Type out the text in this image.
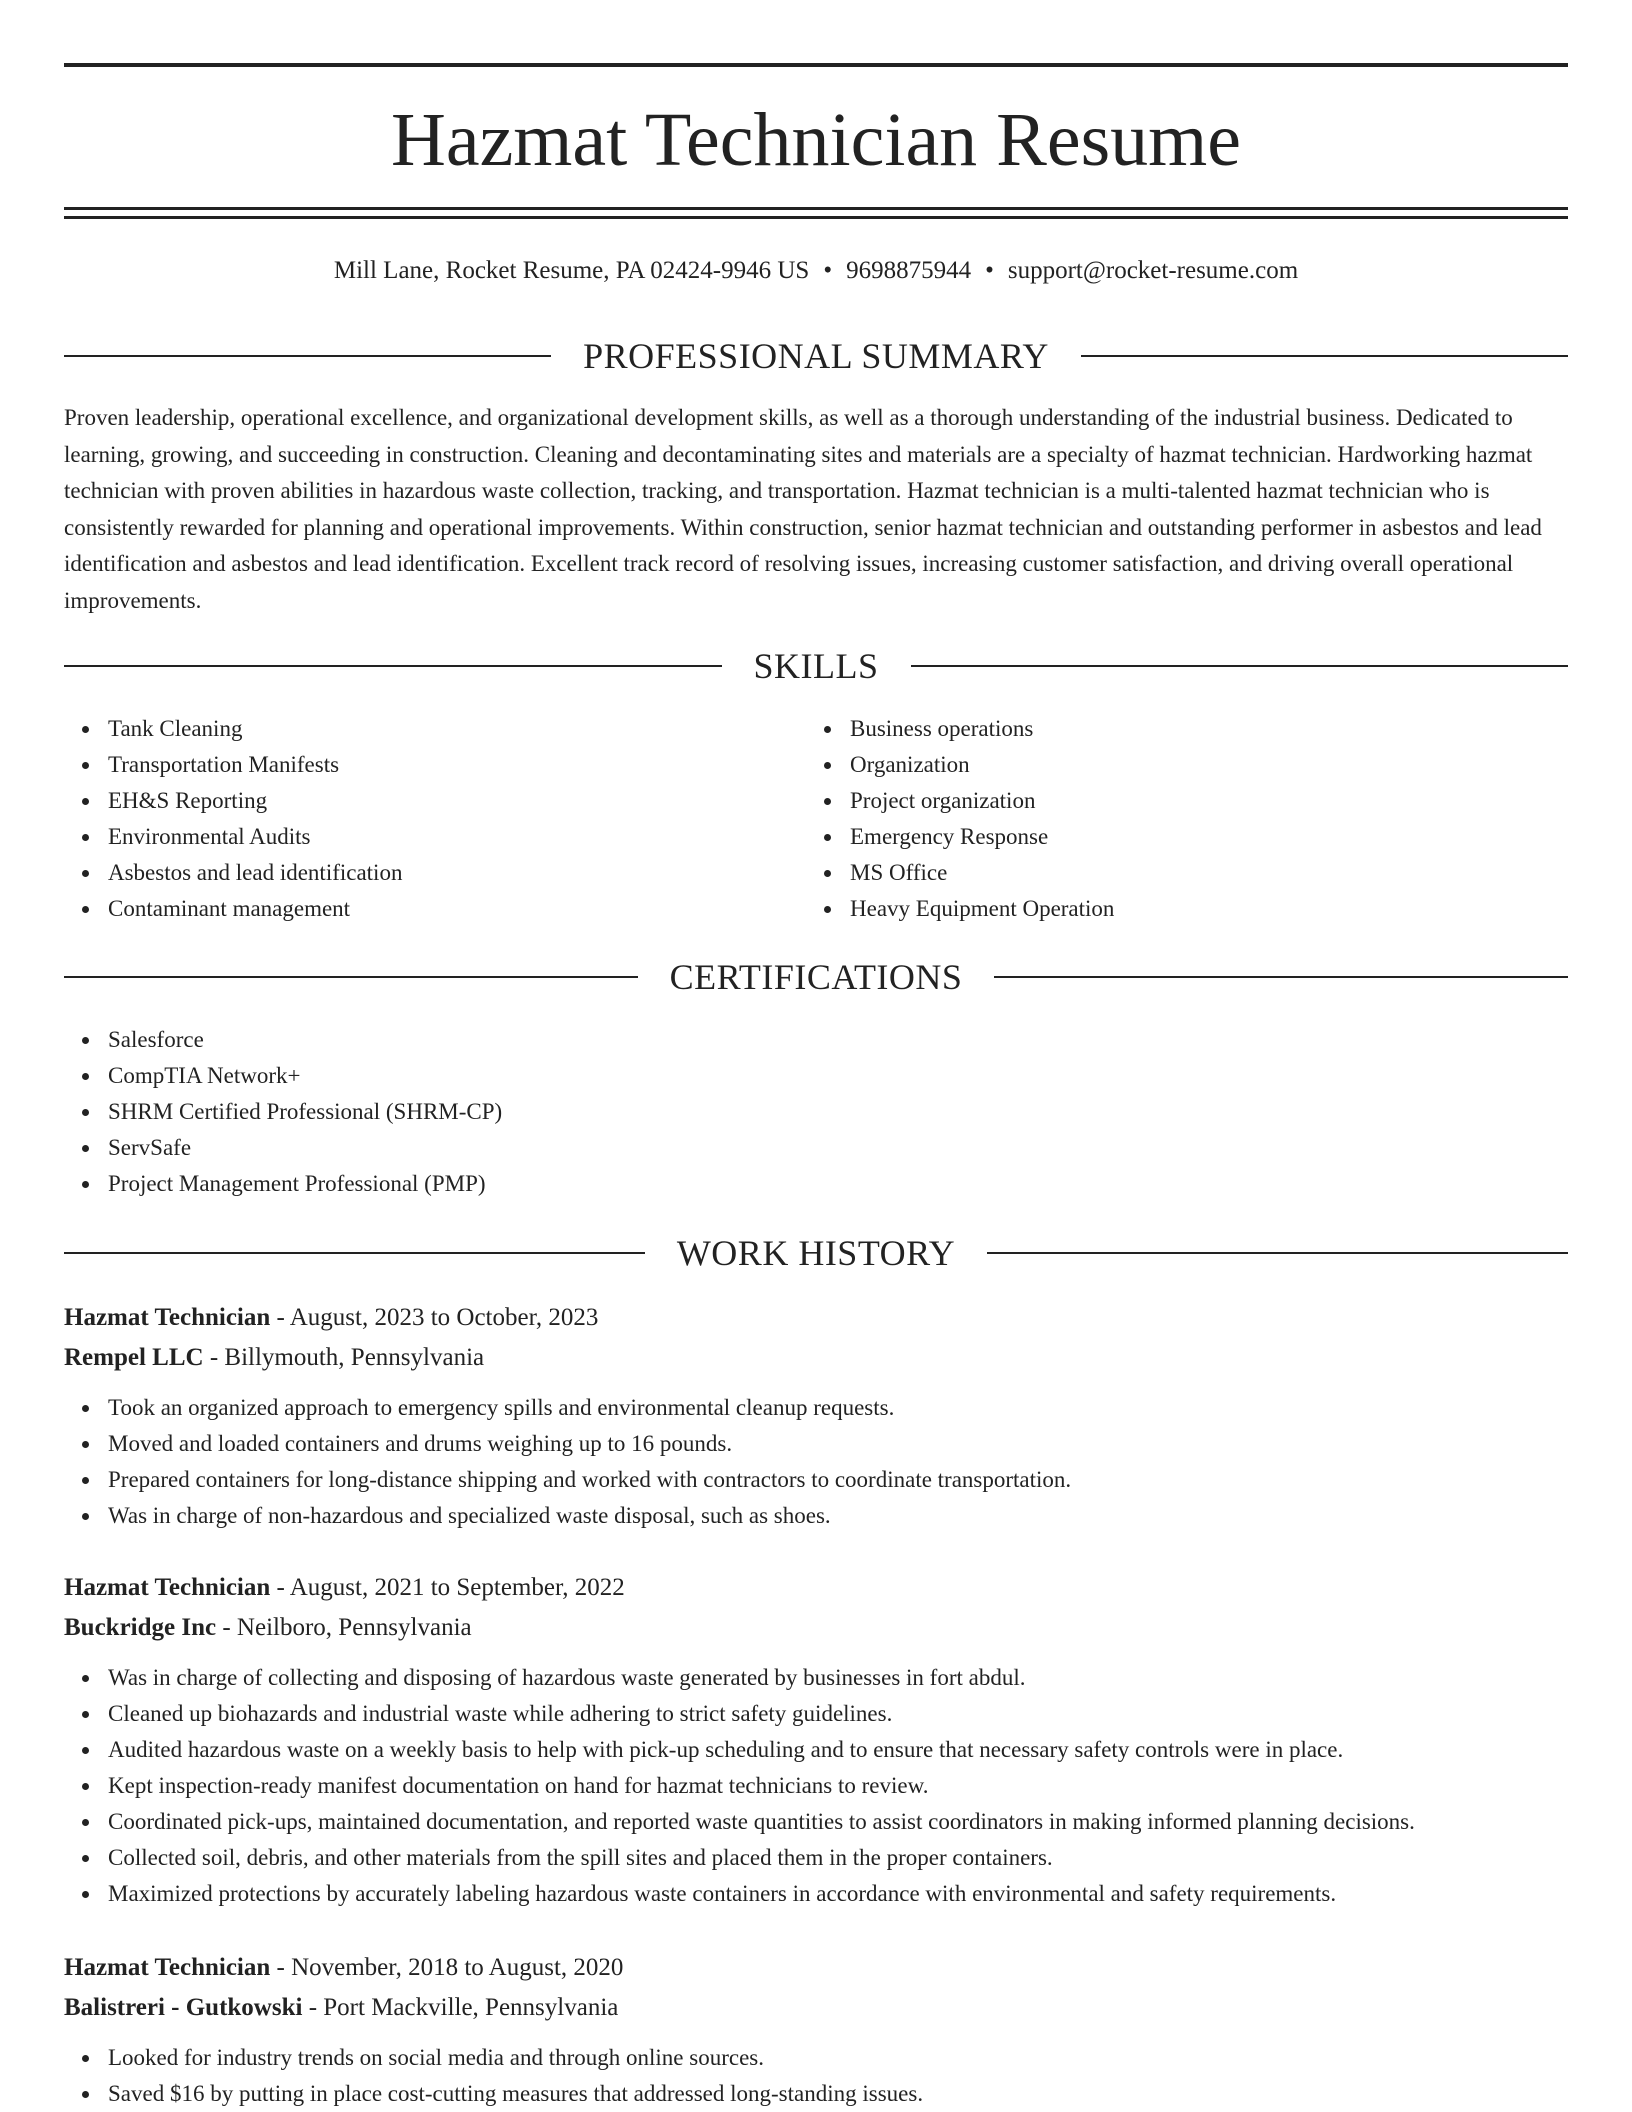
Hazmat Technician Resume
Mill Lane, Rocket Resume, PA 02424-9946 US • 9698875944 • support@rocket-resume.com
PROFESSIONAL SUMMARY

Proven leadership, operational excellence, and organizational development skills, as well as a thorough understanding of the industrial business. Dedicated to learning, growing, and succeeding in construction. Cleaning and decontaminating sites and materials are a specialty of hazmat technician. Hardworking hazmat technician with proven abilities in hazardous waste collection, tracking, and transportation. Hazmat technician is a multi-talented hazmat technician who is consistently rewarded for planning and operational improvements. Within construction, senior hazmat technician and outstanding performer in asbestos and lead identification and asbestos and lead identification. Excellent track record of resolving issues, increasing customer satisfaction, and driving overall operational improvements.

SKILLS
Tank Cleaning
Transportation Manifests
EH&S Reporting
Environmental Audits
Asbestos and lead identification
Contaminant management
Business operations
Organization
Project organization
Emergency Response
MS Office
Heavy Equipment Operation
CERTIFICATIONS
Salesforce
CompTIA Network+
SHRM Certified Professional (SHRM-CP)
ServSafe
Project Management Professional (PMP)
WORK HISTORY
Hazmat Technician - August, 2023 to October, 2023
Rempel LLC - Billymouth, Pennsylvania
Took an organized approach to emergency spills and environmental cleanup requests.
Moved and loaded containers and drums weighing up to 16 pounds.
Prepared containers for long-distance shipping and worked with contractors to coordinate transportation.
Was in charge of non-hazardous and specialized waste disposal, such as shoes.
Hazmat Technician - August, 2021 to September, 2022
Buckridge Inc - Neilboro, Pennsylvania
Was in charge of collecting and disposing of hazardous waste generated by businesses in fort abdul.
Cleaned up biohazards and industrial waste while adhering to strict safety guidelines.
Audited hazardous waste on a weekly basis to help with pick-up scheduling and to ensure that necessary safety controls were in place.
Kept inspection-ready manifest documentation on hand for hazmat technicians to review.
Coordinated pick-ups, maintained documentation, and reported waste quantities to assist coordinators in making informed planning decisions.
Collected soil, debris, and other materials from the spill sites and placed them in the proper containers.
Maximized protections by accurately labeling hazardous waste containers in accordance with environmental and safety requirements.
Hazmat Technician - November, 2018 to August, 2020
Balistreri - Gutkowski - Port Mackville, Pennsylvania
Looked for industry trends on social media and through online sources.
Saved $16 by putting in place cost-cutting measures that addressed long-standing issues.
